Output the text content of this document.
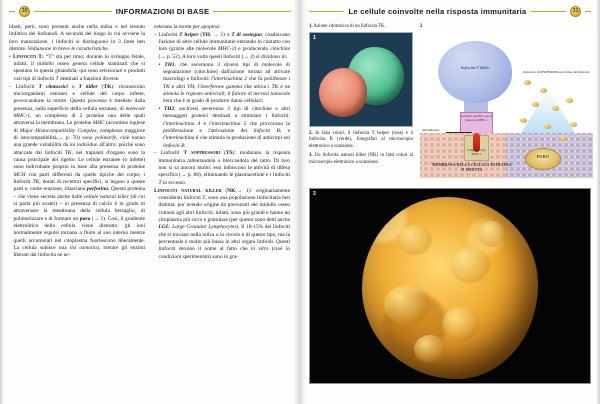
30	INFORMAZIONI DI BASE

blasti, però, sono presenti anche nella milza e nel tessuto linfatico dei linfonodi. A seconda del luogo in cui avviene la loro maturazione, i linfociti si distinguono in 3 linee ben distinte. Vediamone in breve le caratteristiche.

• Linfociti T: “T” sta per timo; durante lo sviluppo fetale, infatti, il midollo osseo genera cellule staminali che si spostano in questa ghiandola; qui sono selezionati e prodotti vari tipi di linfociti T destinati a funzioni diverse.

– Linfociti T citotossici o T killer (TK): riconoscono microrganismi estranei e cellule del corpo infette, provocandone la morte. Questo processo è mediato dalla presenza, sulla superficie della cellula estranea, di molecole MHC-1, un complesso di 2 proteine una delle quali attraversa la membrana. Le proteine MHC (acronimo inglese di Major Histocompatibility Complex, complesso maggiore di istocompatibilità,→ p. 70) sono polimorfe, cioè hanno una grande variabilità da un individuo all'altro: poiché sono attaccate dai linfociti TK, nei trapianti d'organo sono la causa principale del rigetto. Le cellule estranee (o infette) sono individuate proprio in base alla presenza di proteine MCH con parti differenti da quelle tipiche del corpo; i linfociti TK, dotati di recettori specifici, si legano a queste parti e, come reazione, rilasciano perforina. Questa proteina – che viene secreta anche dalle cellule natural killer (di cui si parla più avanti) – in presenza di calcio è in grado di attraversare la membrana della cellula bersaglio, di polimerizzare e di formare un poro (→ 1). Così, il gradiente elettrolitico della cellula viene distrutto: gli ioni normalmente espulsi tornano a fluire al suo interno mentre quelli accumulati nel citoplasma fuoriescono liberamente. La cellula subisce una lisi osmotica, mentre gli enzimi liberati dal linfocita ne ac-

celerano la morte per apoptosi.

– Linfociti T helper (TH, → 1) o T di sostegno: coadiuvano l'azione di altre cellule immunitarie entrando in contatto con loro (grazie alle molecole MHC-2) e producendo citochine (→ p. 52). A loro volta questi linfociti (→ 2) si dividono in:

• TH1, che secernono 3 diversi tipi di molecole di segnalazione (citochine) dall'azione mirata ad attivare macrofagi e linfociti: l'interleuchina 2 che fa proliferare i TK e altri TH; l'interferone gamma che attiva i TK e ne stimola le risposte antivirali; il fattore di necrosi tumorale beta che è in grado di produrre danni cellulari;

• TH2, anch'essi secernono 3 tipi di citochine e altri messaggeri proteici destinati a stimolare i linfociti: l'interleuchina 4 e l'interleuchina 5 che provocano la proliferazione e l'attivazione dei linfociti B; e l'interleuchina 6 che stimola la produzione di anticorpi nei linfociti B.

– Linfociti T soppressori (TS): modulano la risposta immunitaria rallentandola o bloccandola del tutto. Di loro non si sa ancora molto: essi inibiscono le attività di difesa specifica (→ p. 88), eliminando le plasmacellule e i linfociti T in eccesso.

Linfociti natural killer (NK,→ 1): originariamente considerati linfociti T, sono una popolazione linfocitaria ben distinta: pur avendo origine da precursori del midollo osseo comuni agli altri linfociti, infatti, sono più grandi e hanno un citoplasma più ricco e granulare (per questo sono detti anche LGL: Large Granular Lymphocytes). Il 10-15% dei linfociti che si trovano nella milza o in circolo è di questo tipo, ma la percentuale è molto più bassa in altri organi linfoidi. Questi linfociti devono il nome al fatto che in vitro (cioè in condizioni sperimentali) sono in gra-

Le cellule coinvolte nella risposta immunitaria	31
1. Azione citotossica di un linfocita TK.
1

2. In falsi colori, il linfocita T helper (rosa) e il linfocita B (verde), fotografati al microscopio elettronico a scansione.

3. Un linfocita natural killer (NK) in falsi colori al microscopio elettronico a scansione.

2
linfocita T killer
recettore specifico per la molecola MHC-1
complesso Ag-MHC-1
determinante
molecole di PERFORINA prodotte dal linfocita
PORO
MEMBRANA DELLA CELLULA ESTRANEA O INFETTA
3
